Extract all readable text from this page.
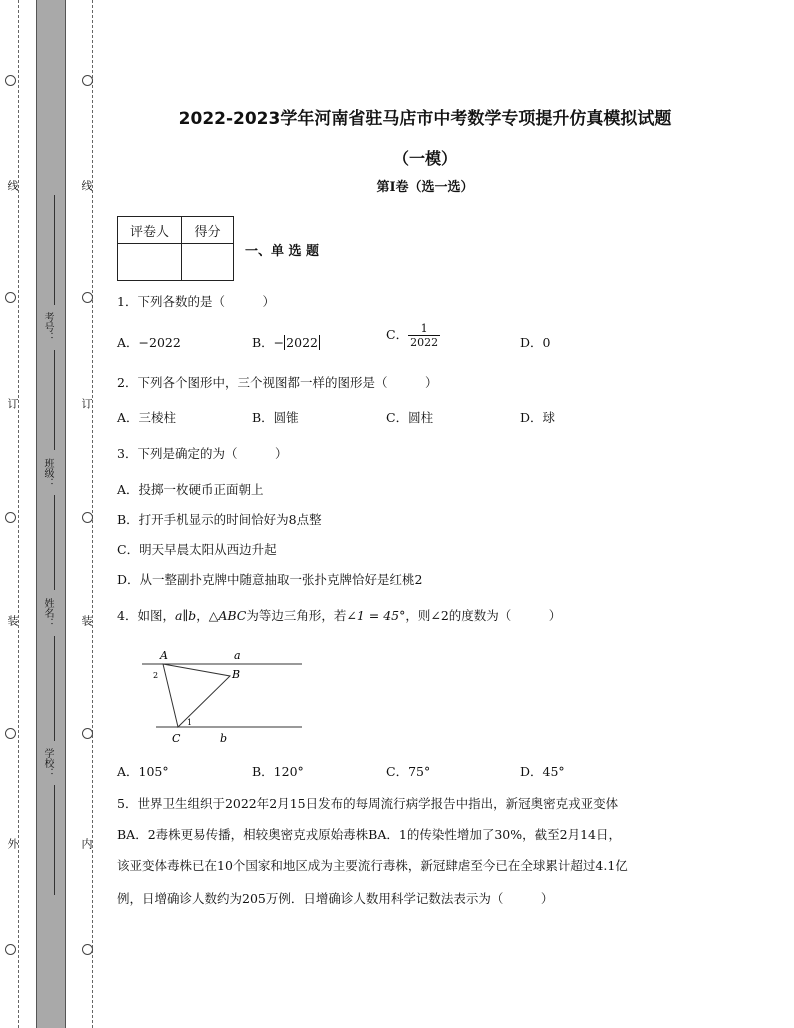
线
订
装
外
线
订
装
内
考号：
班级：
姓名：
学校：
2022-2023学年河南省驻马店市中考数学专项提升仿真模拟试题
（一模）
第I卷（选一选）
评卷人	得分

一、单 选 题
1．下列各数的是（　　　）
A．−2022	B．− 2022
C． $\frac{1}{2022}$	D．0
2．下列各个图形中，三个视图都一样的图形是（　　　）
A．三棱柱	B．圆锥	C．圆柱	D．球
3．下列是确定的为（　　　）
A．投掷一枚硬币正面朝上
B．打开手机显示的时间恰好为8点整
C．明天早晨太阳从西边升起
D．从一整副扑克牌中随意抽取一张扑克牌恰好是红桃2
4．如图，a∥b，△ABC为等边三角形，若∠1 = 45°，则∠2的度数为（　　　）
A	a
B
2
1
C	b
A．105°	B．120°	C．75°	D．45°
5．世界卫生组织于2022年2月15日发布的每周流行病学报告中指出，新冠奥密克戎亚变体
BA．2毒株更易传播，相较奥密克戎原始毒株BA．1的传染性增加了30%，截至2月14日，
该亚变体毒株已在10个国家和地区成为主要流行毒株，新冠肆虐至今已在全球累计超过4.1亿
例，日增确诊人数约为205万例．日增确诊人数用科学记数法表示为（　　　）
